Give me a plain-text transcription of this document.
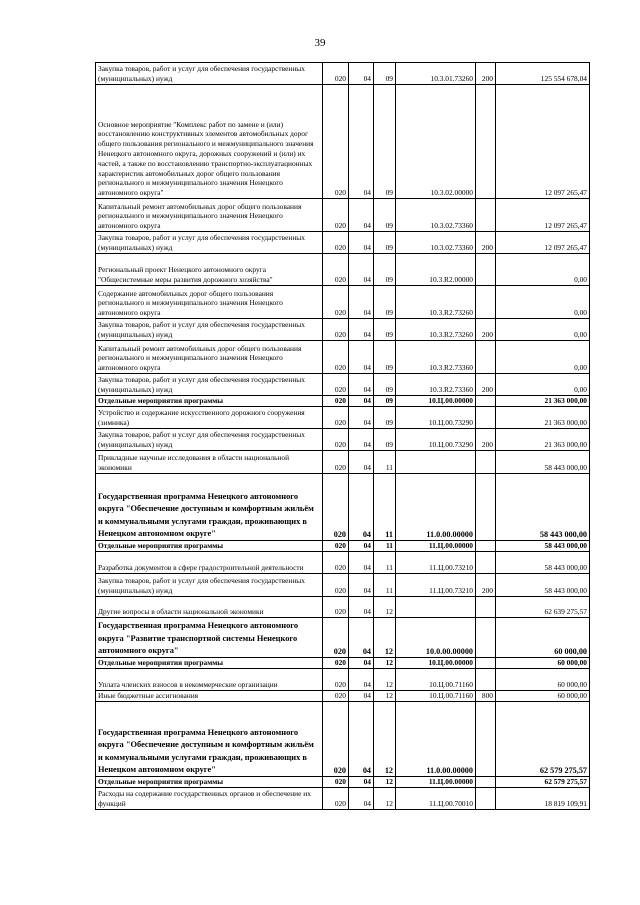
39
Закупка товаров, работ и услуг для обеспечения государственных (муниципальных) нужд	020	04	09	10.3.01.73260	200	125 554 678,04
Основное мероприятие "Комплекс работ по замене и (или) восстановлению конструктивных элементов автомобильных дорог общего пользования регионального и межмуниципального значения Ненецкого автономного округа, дорожных сооружений и (или) их частей, а также по восстановлению транспортно-эксплуатационных характеристик автомобильных дорог общего пользования регионального и межмуниципального значения Ненецкого автономного округа"	020	04	09	10.3.02.00000		12 097 265,47
Капитальный ремонт автомобильных дорог общего пользования регионального и межмуниципального значения Ненецкого автономного округа	020	04	09	10.3.02.73360		12 097 265,47
Закупка товаров, работ и услуг для обеспечения государственных (муниципальных) нужд	020	04	09	10.3.02.73360	200	12 097 265,47
Региональный проект Ненецкого автономного округа "Общесистемные меры развития дорожного хозяйства"	020	04	09	10.3.R2.00000		0,00
Содержание автомобильных дорог общего пользования регионального и межмуниципального значения Ненецкого автономного округа	020	04	09	10.3.R2.73260		0,00
Закупка товаров, работ и услуг для обеспечения государственных (муниципальных) нужд	020	04	09	10.3.R2.73260	200	0,00
Капитальный ремонт автомобильных дорог общего пользования регионального и межмуниципального значения Ненецкого автономного округа	020	04	09	10.3.R2.73360		0,00
Закупка товаров, работ и услуг для обеспечения государственных (муниципальных) нужд	020	04	09	10.3.R2.73360	200	0,00
Отдельные мероприятия программы	020	04	09	10.Ц.00.00000		21 363 000,00
Устройство и содержание искусственного дорожного сооружения (зимника)	020	04	09	10.Ц.00.73290		21 363 000,00
Закупка товаров, работ и услуг для обеспечения государственных (муниципальных) нужд	020	04	09	10.Ц.00.73290	200	21 363 000,00
Прикладные научные исследования в области национальной экономики	020	04	11			58 443 000,00
Государственная программа Ненецкого автономного округа "Обеспечение доступным и комфортным жильём и коммунальными услугами граждан, проживающих в Ненецком автономном округе"	020	04	11	11.0.00.00000		58 443 000,00
Отдельные мероприятия программы	020	04	11	11.Ц.00.00000		58 443 000,00
Разработка документов в сфере градостроительной деятельности	020	04	11	11.Ц.00.73210		58 443 000,00
Закупка товаров, работ и услуг для обеспечения государственных (муниципальных) нужд	020	04	11	11.Ц.00.73210	200	58 443 000,00
Другие вопросы в области национальной экономики	020	04	12			62 639 275,57
Государственная программа Ненецкого автономного округа "Развитие транспортной системы Ненецкого автономного округа"	020	04	12	10.0.00.00000		60 000,00
Отдельные мероприятия программы	020	04	12	10.Ц.00.00000		60 000,00
Уплата членских взносов в некоммерческие организации	020	04	12	10.Ц.00.71160		60 000,00
Иные бюджетные ассигнования	020	04	12	10.Ц.00.71160	800	60 000,00
Государственная программа Ненецкого автономного округа "Обеспечение доступным и комфортным жильём и коммунальными услугами граждан, проживающих в Ненецком автономном округе"	020	04	12	11.0.00.00000		62 579 275,57
Отдельные мероприятия программы	020	04	12	11.Ц.00.00000		62 579 275,57
Расходы на содержание государственных органов и обеспечение их функций	020	04	12	11.Ц.00.70010		18 819 109,91
